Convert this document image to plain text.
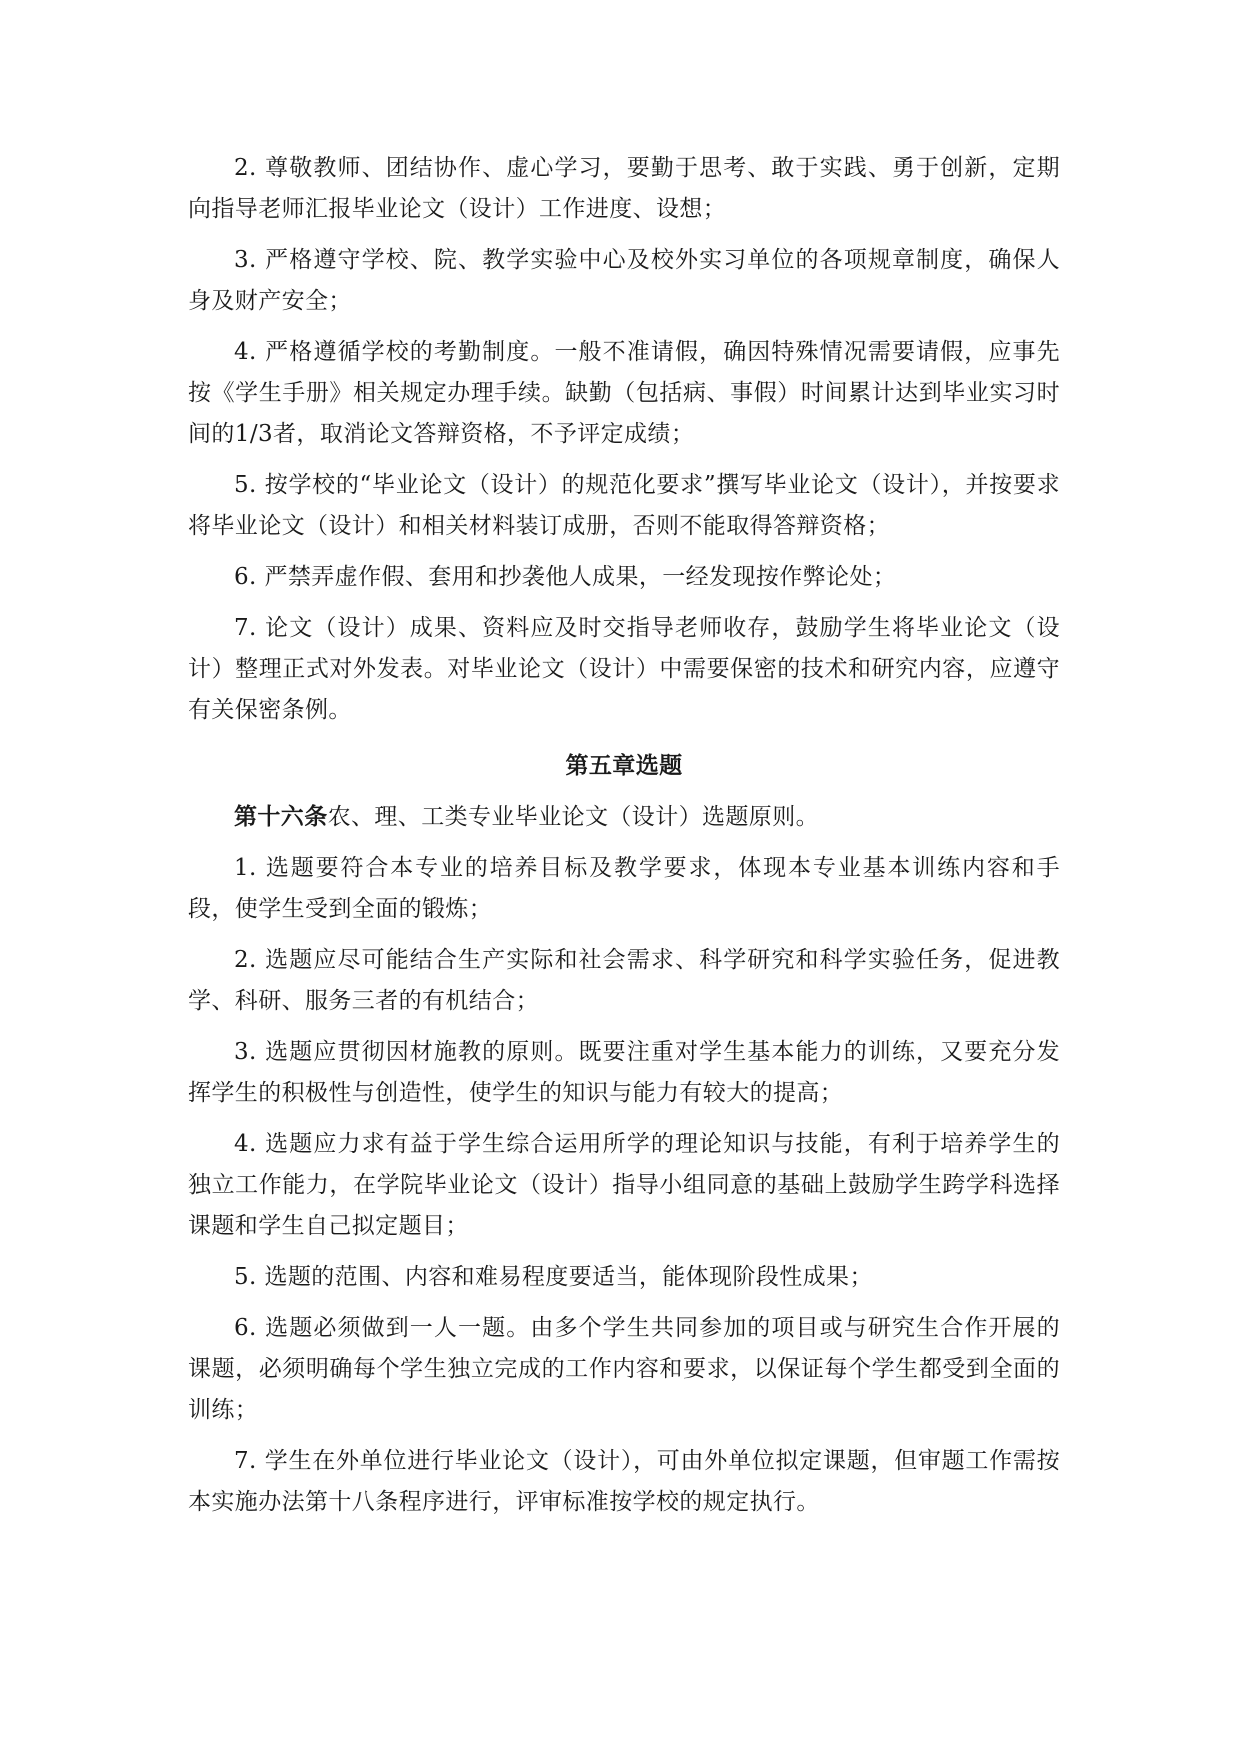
2. 尊敬教师、团结协作、虚心学习，要勤于思考、敢于实践、勇于创新，定期向指导老师汇报毕业论文（设计）工作进度、设想；

3. 严格遵守学校、院、教学实验中心及校外实习单位的各项规章制度，确保人身及财产安全；

4. 严格遵循学校的考勤制度。一般不准请假，确因特殊情况需要请假，应事先按《学生手册》相关规定办理手续。缺勤（包括病、事假）时间累计达到毕业实习时间的1/3者，取消论文答辩资格，不予评定成绩；

5. 按学校的“毕业论文（设计）的规范化要求”撰写毕业论文（设计），并按要求将毕业论文（设计）和相关材料装订成册，否则不能取得答辩资格；

6. 严禁弄虚作假、套用和抄袭他人成果，一经发现按作弊论处；

7. 论文（设计）成果、资料应及时交指导老师收存，鼓励学生将毕业论文（设计）整理正式对外发表。对毕业论文（设计）中需要保密的技术和研究内容，应遵守有关保密条例。

第五章选题

第十六条农、理、工类专业毕业论文（设计）选题原则。

1. 选题要符合本专业的培养目标及教学要求，体现本专业基本训练内容和手段，使学生受到全面的锻炼；

2. 选题应尽可能结合生产实际和社会需求、科学研究和科学实验任务，促进教学、科研、服务三者的有机结合；

3. 选题应贯彻因材施教的原则。既要注重对学生基本能力的训练，又要充分发挥学生的积极性与创造性，使学生的知识与能力有较大的提高；

4. 选题应力求有益于学生综合运用所学的理论知识与技能，有利于培养学生的独立工作能力，在学院毕业论文（设计）指导小组同意的基础上鼓励学生跨学科选择课题和学生自己拟定题目；

5. 选题的范围、内容和难易程度要适当，能体现阶段性成果；

6. 选题必须做到一人一题。由多个学生共同参加的项目或与研究生合作开展的课题，必须明确每个学生独立完成的工作内容和要求，以保证每个学生都受到全面的训练；

7. 学生在外单位进行毕业论文（设计），可由外单位拟定课题，但审题工作需按本实施办法第十八条程序进行，评审标准按学校的规定执行。
